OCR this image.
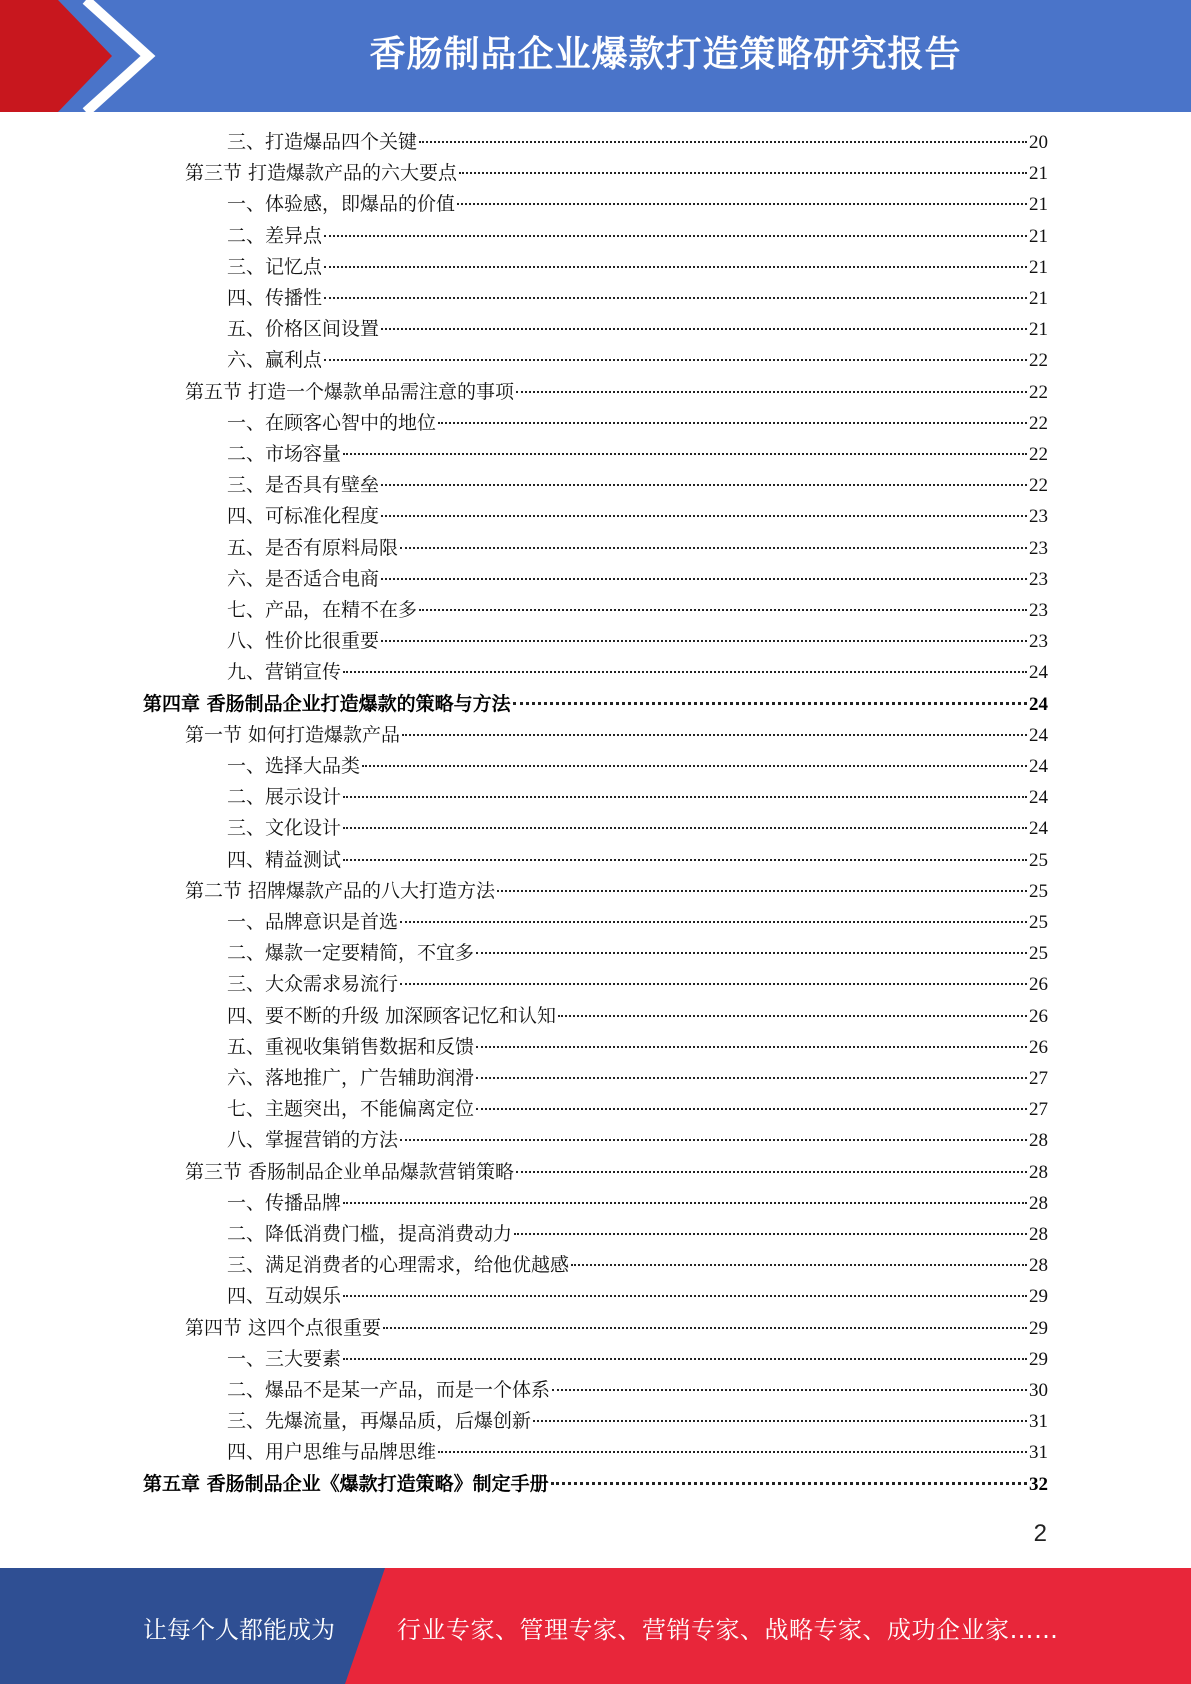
香肠制品企业爆款打造策略研究报告
三、打造爆品四个关键	20
第三节 打造爆款产品的六大要点	21
一、体验感，即爆品的价值	21
二、差异点	21
三、记忆点	21
四、传播性	21
五、价格区间设置	21
六、赢利点	22
第五节 打造一个爆款单品需注意的事项	22
一、在顾客心智中的地位	22
二、市场容量	22
三、是否具有壁垒	22
四、可标准化程度	23
五、是否有原料局限	23
六、是否适合电商	23
七、产品，在精不在多	23
八、性价比很重要	23
九、营销宣传	24
第四章 香肠制品企业打造爆款的策略与方法	24
第一节 如何打造爆款产品	24
一、选择大品类	24
二、展示设计	24
三、文化设计	24
四、精益测试	25
第二节 招牌爆款产品的八大打造方法	25
一、品牌意识是首选	25
二、爆款一定要精简，不宜多	25
三、大众需求易流行	26
四、要不断的升级 加深顾客记忆和认知	26
五、重视收集销售数据和反馈	26
六、落地推广，广告辅助润滑	27
七、主题突出，不能偏离定位	27
八、掌握营销的方法	28
第三节 香肠制品企业单品爆款营销策略	28
一、传播品牌	28
二、降低消费门槛，提高消费动力	28
三、满足消费者的心理需求，给他优越感	28
四、互动娱乐	29
第四节 这四个点很重要	29
一、三大要素	29
二、爆品不是某一产品，而是一个体系	30
三、先爆流量，再爆品质，后爆创新	31
四、用户思维与品牌思维	31
第五章 香肠制品企业《爆款打造策略》制定手册	32
2
让每个人都能成为	行业专家、管理专家、营销专家、战略专家、成功企业家……
